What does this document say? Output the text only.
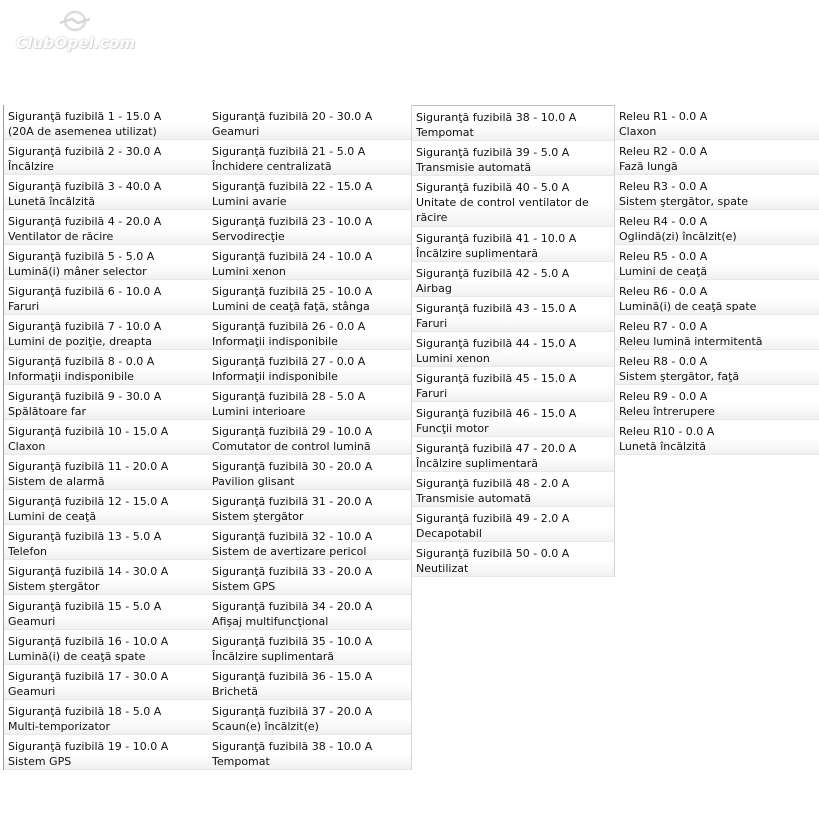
ClubOpel.com
Siguranţă fuzibilă 1 - 15.0 A
(20A de asemenea utilizat)
Siguranţă fuzibilă 2 - 30.0 A
Încălzire
Siguranţă fuzibilă 3 - 40.0 A
Lunetă încălzită
Siguranţă fuzibilă 4 - 20.0 A
Ventilator de răcire
Siguranţă fuzibilă 5 - 5.0 A
Lumină(i) mâner selector
Siguranţă fuzibilă 6 - 10.0 A
Faruri
Siguranţă fuzibilă 7 - 10.0 A
Lumini de poziţie, dreapta
Siguranţă fuzibilă 8 - 0.0 A
Informaţii indisponibile
Siguranţă fuzibilă 9 - 30.0 A
Spălătoare far
Siguranţă fuzibilă 10 - 15.0 A
Claxon
Siguranţă fuzibilă 11 - 20.0 A
Sistem de alarmă
Siguranţă fuzibilă 12 - 15.0 A
Lumini de ceaţă
Siguranţă fuzibilă 13 - 5.0 A
Telefon
Siguranţă fuzibilă 14 - 30.0 A
Sistem ştergător
Siguranţă fuzibilă 15 - 5.0 A
Geamuri
Siguranţă fuzibilă 16 - 10.0 A
Lumină(i) de ceaţă spate
Siguranţă fuzibilă 17 - 30.0 A
Geamuri
Siguranţă fuzibilă 18 - 5.0 A
Multi-temporizator
Siguranţă fuzibilă 19 - 10.0 A
Sistem GPS
Siguranţă fuzibilă 20 - 30.0 A
Geamuri
Siguranţă fuzibilă 21 - 5.0 A
Închidere centralizată
Siguranţă fuzibilă 22 - 15.0 A
Lumini avarie
Siguranţă fuzibilă 23 - 10.0 A
Servodirecţie
Siguranţă fuzibilă 24 - 10.0 A
Lumini xenon
Siguranţă fuzibilă 25 - 10.0 A
Lumini de ceaţă faţă, stânga
Siguranţă fuzibilă 26 - 0.0 A
Informaţii indisponibile
Siguranţă fuzibilă 27 - 0.0 A
Informaţii indisponibile
Siguranţă fuzibilă 28 - 5.0 A
Lumini interioare
Siguranţă fuzibilă 29 - 10.0 A
Comutator de control lumină
Siguranţă fuzibilă 30 - 20.0 A
Pavilion glisant
Siguranţă fuzibilă 31 - 20.0 A
Sistem ştergător
Siguranţă fuzibilă 32 - 10.0 A
Sistem de avertizare pericol
Siguranţă fuzibilă 33 - 20.0 A
Sistem GPS
Siguranţă fuzibilă 34 - 20.0 A
Afişaj multifuncţional
Siguranţă fuzibilă 35 - 10.0 A
Încălzire suplimentară
Siguranţă fuzibilă 36 - 15.0 A
Brichetă
Siguranţă fuzibilă 37 - 20.0 A
Scaun(e) încălzit(e)
Siguranţă fuzibilă 38 - 10.0 A
Tempomat
Siguranţă fuzibilă 38 - 10.0 A
Tempomat
Siguranţă fuzibilă 39 - 5.0 A
Transmisie automată
Siguranţă fuzibilă 40 - 5.0 A
Unitate de control ventilator de
răcire
Siguranţă fuzibilă 41 - 10.0 A
Încălzire suplimentară
Siguranţă fuzibilă 42 - 5.0 A
Airbag
Siguranţă fuzibilă 43 - 15.0 A
Faruri
Siguranţă fuzibilă 44 - 15.0 A
Lumini xenon
Siguranţă fuzibilă 45 - 15.0 A
Faruri
Siguranţă fuzibilă 46 - 15.0 A
Funcţii motor
Siguranţă fuzibilă 47 - 20.0 A
Încălzire suplimentară
Siguranţă fuzibilă 48 - 2.0 A
Transmisie automată
Siguranţă fuzibilă 49 - 2.0 A
Decapotabil
Siguranţă fuzibilă 50 - 0.0 A
Neutilizat
Releu R1 - 0.0 A
Claxon
Releu R2 - 0.0 A
Fază lungă
Releu R3 - 0.0 A
Sistem ştergător, spate
Releu R4 - 0.0 A
Oglindă(zi) încălzit(e)
Releu R5 - 0.0 A
Lumini de ceaţă
Releu R6 - 0.0 A
Lumină(i) de ceaţă spate
Releu R7 - 0.0 A
Releu lumină intermitentă
Releu R8 - 0.0 A
Sistem ştergător, faţă
Releu R9 - 0.0 A
Releu întrerupere
Releu R10 - 0.0 A
Lunetă încălzită
